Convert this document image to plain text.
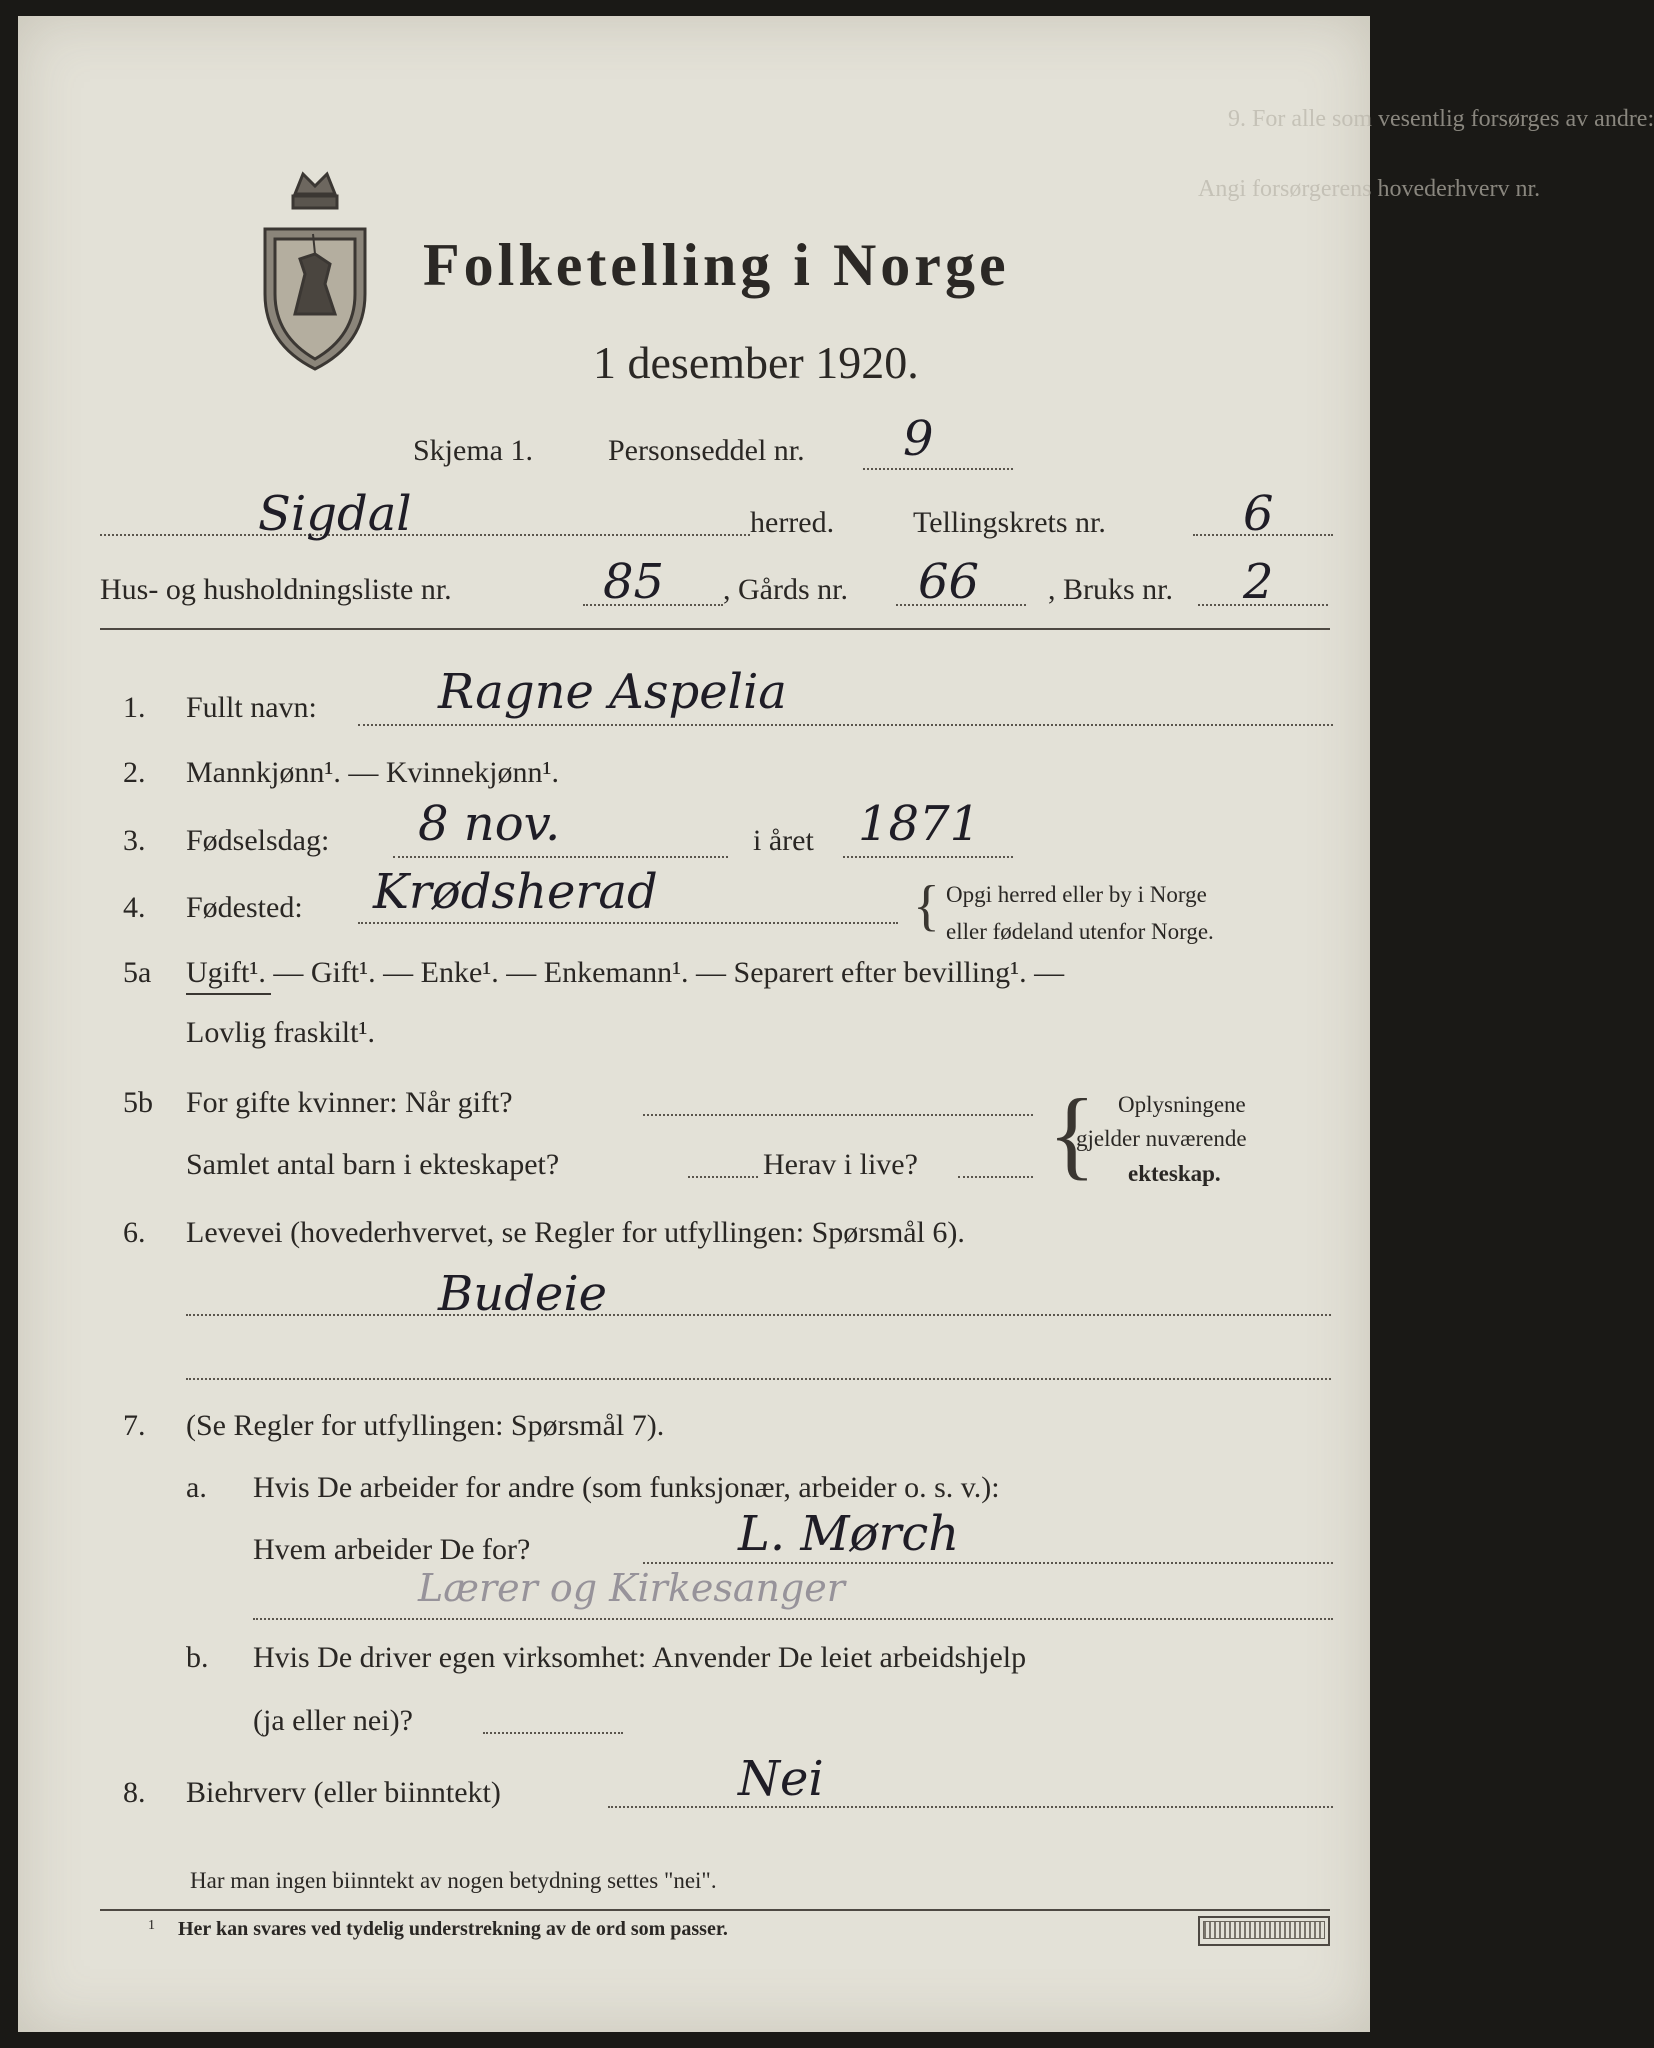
9. For alle som vesentlig forsørges av andre:
Angi forsørgerens hovederhverv nr.
Folketelling i Norge
1 desember 1920.
Skjema 1.	Personseddel nr. 9
Sigdal	herred.	Tellingskrets nr.	6
Hus- og husholdningsliste nr.	85 , Gårds nr. 66 , Bruks nr. 2
1. Fullt navn:	Ragne Aspelia
2. Mannkjønn¹. — Kvinnekjønn¹.
3. Fødselsdag: 8 nov.	i året 1871
4. Fødested: Krødsherad	{ Opgi herred eller by i Norge
eller fødeland utenfor Norge.
5a Ugift¹. — Gift¹. — Enke¹. — Enkemann¹. — Separert efter bevilling¹. —
Lovlig fraskilt¹.
5b For gifte kvinner: Når gift?
Samlet antal barn i ekteskapet?	Herav i live? { Oplysningene
gjelder nuværende
ekteskap.
6. Levevei (hovederhvervet, se Regler for utfyllingen: Spørsmål 6).
Budeie
7. (Se Regler for utfyllingen: Spørsmål 7).
a. Hvis De arbeider for andre (som funksjonær, arbeider o. s. v.):
Hvem arbeider De for?	L. Mørch
Lærer og Kirkesanger
b. Hvis De driver egen virksomhet: Anvender De leiet arbeidshjelp
(ja eller nei)?
8. Biehrverv (eller biinntekt)	Nei
Har man ingen biinntekt av nogen betydning settes "nei".
1 Her kan svares ved tydelig understrekning av de ord som passer.
